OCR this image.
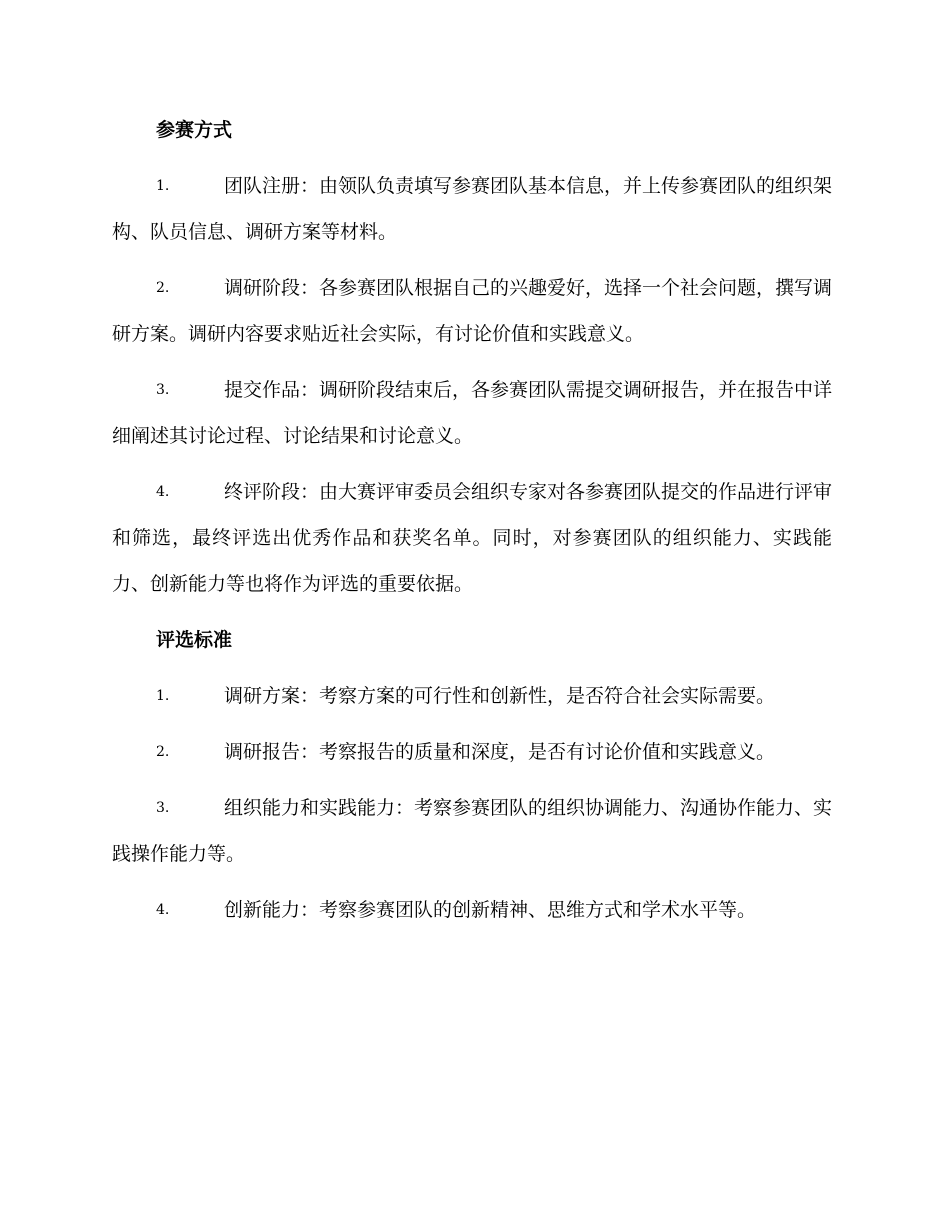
参赛方式
1.	团队注册：由领队负责填写参赛团队基本信息，并上传参赛团队的组织架构、队员信息、调研方案等材料。
2.	调研阶段：各参赛团队根据自己的兴趣爱好，选择一个社会问题，撰写调研方案。调研内容要求贴近社会实际，有讨论价值和实践意义。
3.	提交作品：调研阶段结束后，各参赛团队需提交调研报告，并在报告中详细阐述其讨论过程、讨论结果和讨论意义。
4.	终评阶段：由大赛评审委员会组织专家对各参赛团队提交的作品进行评审和筛选，最终评选出优秀作品和获奖名单。同时，对参赛团队的组织能力、实践能力、创新能力等也将作为评选的重要依据。
评选标准
1.	调研方案：考察方案的可行性和创新性，是否符合社会实际需要。
2.	调研报告：考察报告的质量和深度，是否有讨论价值和实践意义。
3.	组织能力和实践能力：考察参赛团队的组织协调能力、沟通协作能力、实践操作能力等。
4.	创新能力：考察参赛团队的创新精神、思维方式和学术水平等。
